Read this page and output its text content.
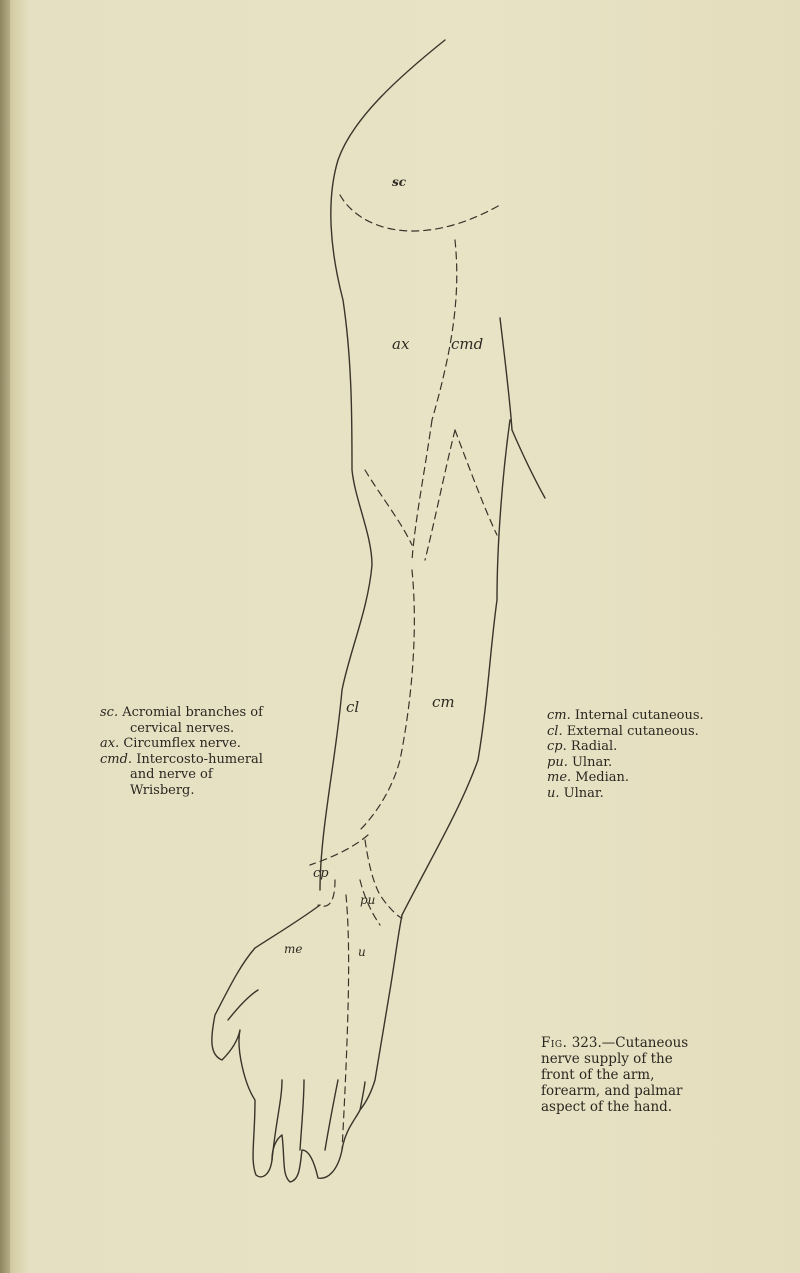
sc
ax	cmd
cl	cm
cp
pu
me	u
sc. Acromial branches of cervical nerves.
ax. Circumflex nerve.
cmd. Intercosto-humeral and nerve of Wrisberg.
cm. Internal cutaneous.
cl. External cutaneous.
cp. Radial.
pu. Ulnar.
me. Median.
u. Ulnar.
Fig. 323.—Cutaneous nerve supply of the front of the arm, forearm, and palmar aspect of the hand.
